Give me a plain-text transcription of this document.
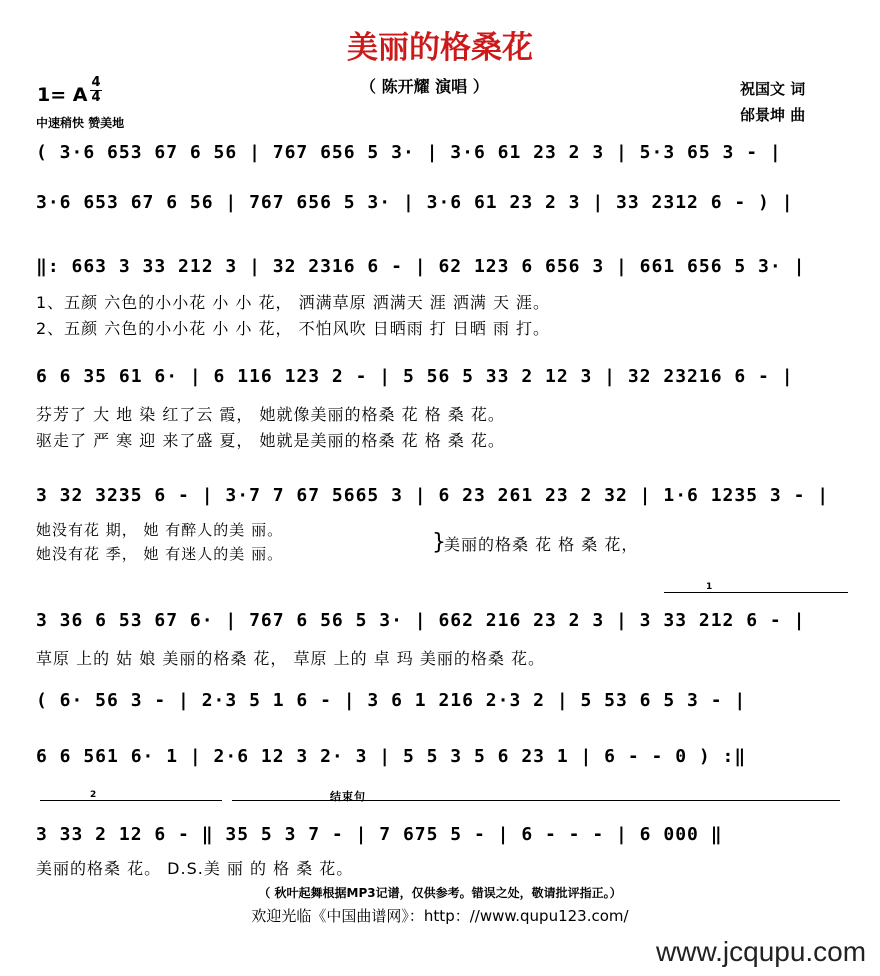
美丽的格桑花
（ 陈开耀 演唱 ）
1= A
4
4
中速稍快 赞美地
祝国文 词
邰景坤 曲
( 3·6 653 67 6 56 | 767 656 5 3· | 3·6 61 23 2 3 | 5·3 65 3 - |
3·6 653 67 6 56 | 767 656 5 3· | 3·6 61 23 2 3 | 33 2312 6 - ) |
‖: 663 3 33 212 3 | 32 2316 6 - | 62 123 6 656 3 | 661 656 5 3· |
1、五颜 六色的小小花 小 小 花， 洒满草原 洒满天 涯 洒满 天 涯。
2、五颜 六色的小小花 小 小 花， 不怕风吹 日晒雨 打 日晒 雨 打。
6 6 35 61 6· | 6 116 123 2 - | 5 56 5 33 2 12 3 | 32 23216 6 - |
芬芳了 大 地 染 红了云 霞， 她就像美丽的格桑 花 格 桑 花。
驱走了 严 寒 迎 来了盛 夏， 她就是美丽的格桑 花 格 桑 花。
3 32 3235 6 - | 3·7 7 67 5665 3 | 6 23 261 23 2 32 | 1·6 1235 3 - |
她没有花 期， 她 有醉人的美 丽。
她没有花 季， 她 有迷人的美 丽。	}
美丽的格桑 花 格 桑 花，
1
3 36 6 53 67 6· | 767 6 56 5 3· | 662 216 23 2 3 | 3 33 212 6 - |
草原 上的 姑 娘 美丽的格桑 花， 草原 上的 卓 玛 美丽的格桑 花。
( 6· 56 3 - | 2·3 5 1 6 - | 3 6 1 216 2·3 2 | 5 53 6 5 3 - |
6 6 561 6· 1 | 2·6 12 3 2· 3 | 5 5 3 5 6 23 1 | 6 - - 0 ) :‖
2	结束句
3 33 2 12 6 - ‖ 35 5 3 7 - | 7 675 5 - | 6 - - - | 6 000 ‖
美丽的格桑 花。 D.S.美 丽 的 格 桑 花。
（ 秋叶起舞根据MP3记谱，仅供参考。错误之处，敬请批评指正。）
欢迎光临《中国曲谱网》：http：//www.qupu123.com/
www.jcqupu.com
